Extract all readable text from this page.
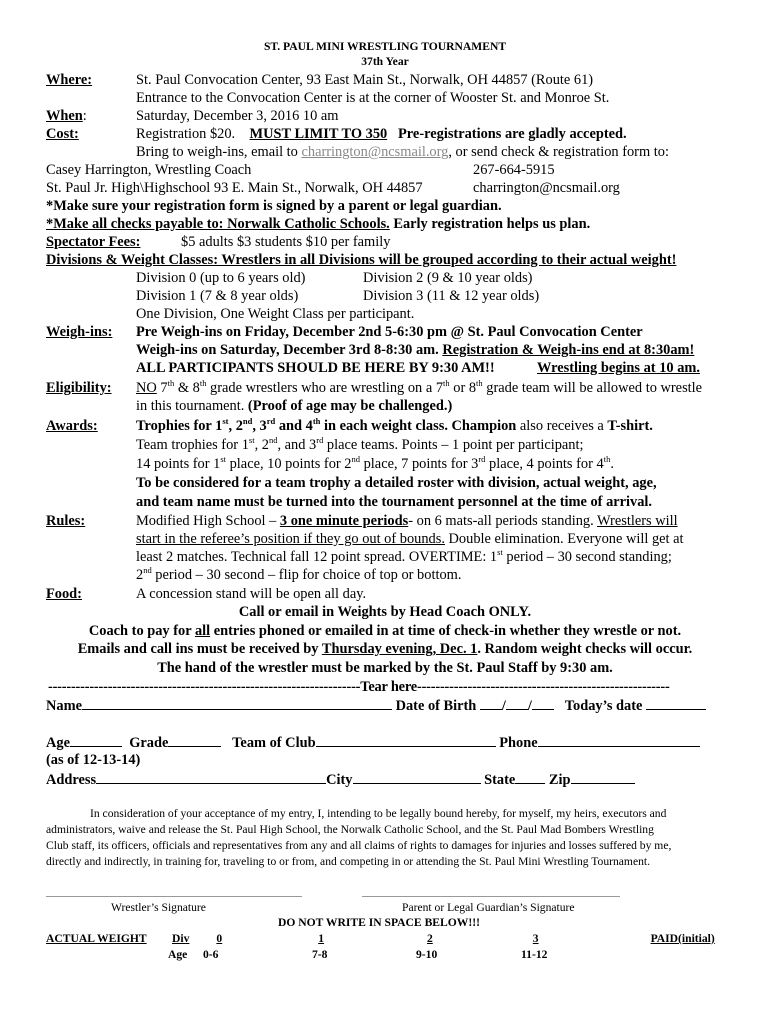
ST. PAUL MINI WRESTLING TOURNAMENT
37th Year
Where:	St. Paul Convocation Center, 93 East Main St., Norwalk, OH 44857 (Route 61)
Entrance to the Convocation Center is at the corner of Wooster St. and Monroe St.
When:	Saturday, December 3, 2016 10 am
Cost:	Registration $20. MUST LIMIT TO 350 Pre-registrations are gladly accepted.
Bring to weigh-ins, email to charrington@ncsmail.org, or send check & registration form to:
Casey Harrington, Wrestling Coach	267-664-5915
St. Paul Jr. High\Highschool 93 E. Main St., Norwalk, OH 44857	charrington@ncsmail.org
*Make sure your registration form is signed by a parent or legal guardian.
*Make all checks payable to: Norwalk Catholic Schools. Early registration helps us plan.
Spectator Fees:	$5 adults $3 students $10 per family
Divisions & Weight Classes: Wrestlers in all Divisions will be grouped according to their actual weight!
Division 0 (up to 6 years old)	Division 2 (9 & 10 year olds)
Division 1 (7 & 8 year olds)	Division 3 (11 & 12 year olds)
One Division, One Weight Class per participant.
Weigh-ins: Pre Weigh-ins on Friday, December 2nd 5-6:30 pm @ St. Paul Convocation Center
Weigh-ins on Saturday, December 3rd 8-8:30 am. Registration & Weigh-ins end at 8:30am!
ALL PARTICIPANTS SHOULD BE HERE BY 9:30 AM!!	Wrestling begins at 10 am.
Eligibility: NO 7th & 8th grade wrestlers who are wrestling on a 7th or 8th grade team will be allowed to wrestle
in this tournament. (Proof of age may be challenged.)
Awards:	Trophies for 1st, 2nd, 3rd and 4th in each weight class. Champion also receives a T-shirt.
Team trophies for 1st, 2nd, and 3rd place teams. Points – 1 point per participant;
14 points for 1st place, 10 points for 2nd place, 7 points for 3rd place, 4 points for 4th.
To be considered for a team trophy a detailed roster with division, actual weight, age,
and team name must be turned into the tournament personnel at the time of arrival.
Rules:	Modified High School – 3 one minute periods- on 6 mats-all periods standing. Wrestlers will
start in the referee’s position if they go out of bounds. Double elimination. Everyone will get at
least 2 matches. Technical fall 12 point spread. OVERTIME: 1st period – 30 second standing;
2nd period – 30 second – flip for choice of top or bottom.
Food:	A concession stand will be open all day.
Call or email in Weights by Head Coach ONLY.
Coach to pay for all entries phoned or emailed in at time of check-in whether they wrestle or not.
Emails and call ins must be received by Thursday evening, Dec. 1. Random weight checks will occur.
The hand of the wrestler must be marked by the St. Paul Staff by 9:30 am.
--------------------------------------------------------------------Tear here-------------------------------------------------------
Name	Date of Birth / / Today’s date
Age	Grade	Team of Club	Phone
(as of 12-13-14)
Address	City	State Zip
In consideration of your acceptance of my entry, I, intending to be legally bound hereby, for myself, my heirs, executors and
administrators, waive and release the St. Paul High School, the Norwalk Catholic School, and the St. Paul Mad Bombers Wrestling
Club staff, its officers, officials and representatives from any and all claims of rights to damages for injuries and losses suffered by me,
directly and indirectly, in training for, traveling to or from, and competing in or attending the St. Paul Mini Wrestling Tournament.
Wrestler’s Signature	Parent or Legal Guardian’s Signature
DO NOT WRITE IN SPACE BELOW!!!
ACTUAL WEIGHT Div 0	1	2	3	PAID(initial)
Age 0-6	7-8	9-10	11-12
